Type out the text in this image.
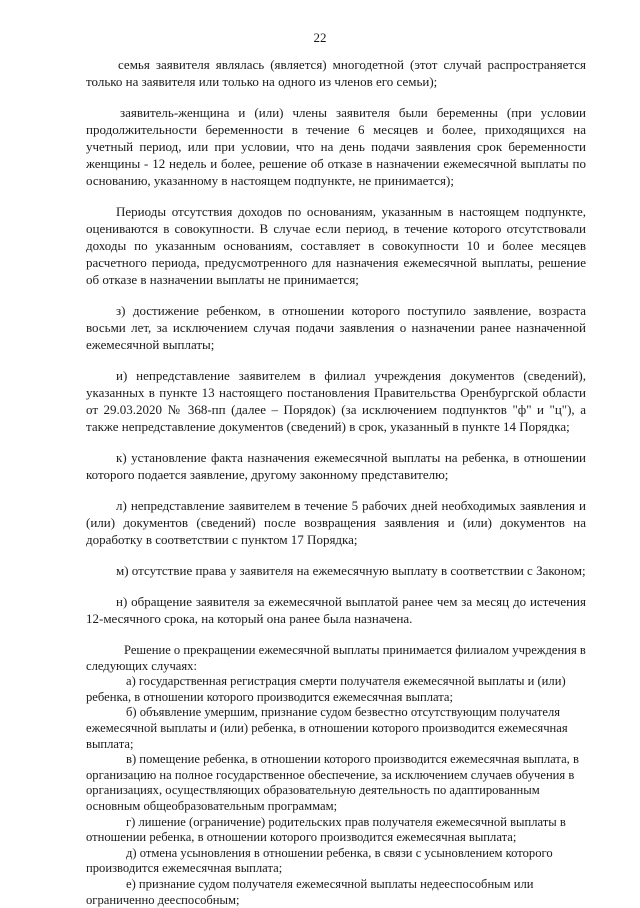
22

семья заявителя являлась (является) многодетной (этот случай распространяется только на заявителя или только на одного из членов его семьи);

заявитель-женщина и (или) члены заявителя были беременны (при условии продолжительности беременности в течение 6 месяцев и более, приходящихся на учетный период, или при условии, что на день подачи заявления срок беременности женщины - 12 недель и более, решение об отказе в назначении ежемесячной выплаты по основанию, указанному в настоящем подпункте, не принимается);

Периоды отсутствия доходов по основаниям, указанным в настоящем подпункте, оцениваются в совокупности. В случае если период, в течение которого отсутствовали доходы по указанным основаниям, составляет в совокупности 10 и более месяцев расчетного периода, предусмотренного для назначения ежемесячной выплаты, решение об отказе в назначении выплаты не принимается;

з) достижение ребенком, в отношении которого поступило заявление, возраста восьми лет, за исключением случая подачи заявления о назначении ранее назначенной ежемесячной выплаты;

и) непредставление заявителем в филиал учреждения документов (сведений), указанных в пункте 13 настоящего постановления Правительства Оренбургской области от 29.03.2020 № 368-пп (далее – Порядок) (за исключением подпунктов "ф" и "ц"), а также непредставление документов (сведений) в срок, указанный в пункте 14 Порядка;

к) установление факта назначения ежемесячной выплаты на ребенка, в отношении которого подается заявление, другому законному представителю;

л) непредставление заявителем в течение 5 рабочих дней необходимых заявления и (или) документов (сведений) после возвращения заявления и (или) документов на доработку в соответствии с пунктом 17 Порядка;

м) отсутствие права у заявителя на ежемесячную выплату в соответствии с Законом;

н) обращение заявителя за ежемесячной выплатой ранее чем за месяц до истечения 12-месячного срока, на который она ранее была назначена.

Решение о прекращении ежемесячной выплаты принимается филиалом учреждения в следующих случаях:

а) государственная регистрация смерти получателя ежемесячной выплаты и (или) ребенка, в отношении которого производится ежемесячная выплата;

б) объявление умершим, признание судом безвестно отсутствующим получателя ежемесячной выплаты и (или) ребенка, в отношении которого производится ежемесячная выплата;

в) помещение ребенка, в отношении которого производится ежемесячная выплата, в организацию на полное государственное обеспечение, за исключением случаев обучения в организациях, осуществляющих образовательную деятельность по адаптированным основным общеобразовательным программам;

г) лишение (ограничение) родительских прав получателя ежемесячной выплаты в отношении ребенка, в отношении которого производится ежемесячная выплата;

д) отмена усыновления в отношении ребенка, в связи с усыновлением которого производится ежемесячная выплата;

е) признание судом получателя ежемесячной выплаты недееспособным или ограниченно дееспособным;
